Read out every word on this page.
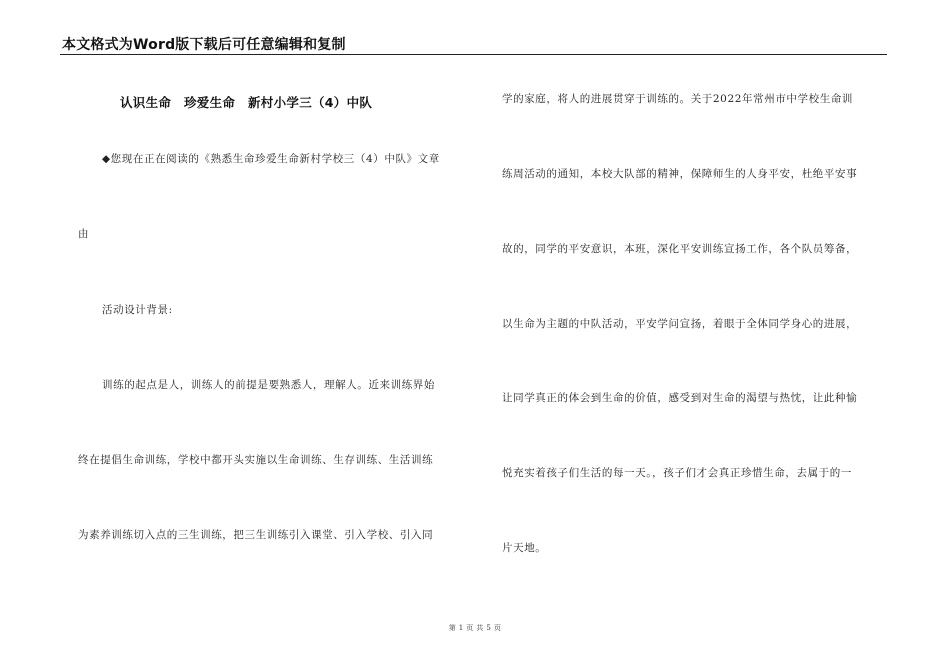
本文格式为Word版下载后可任意编辑和复制
认识生命　珍爱生命　新村小学三（4）中队
◆您现在正在阅读的《熟悉生命珍爱生命新村学校三（4）中队》文章
由
活动设计背景:
训练的起点是人，训练人的前提是要熟悉人，理解人。近来训练界始
终在提倡生命训练，学校中都开头实施以生命训练、生存训练、生活训练
为素养训练切入点的三生训练，把三生训练引入课堂、引入学校、引入同
学的家庭，将人的进展贯穿于训练的。关于2022年常州市中学校生命训
练周活动的通知，本校大队部的精神，保障师生的人身平安，杜绝平安事
故的，同学的平安意识，本班，深化平安训练宣扬工作，各个队员筹备，
以生命为主题的中队活动，平安学问宣扬，着眼于全体同学身心的进展，
让同学真正的体会到生命的价值，感受到对生命的渴望与热忱，让此种愉
悦充实着孩子们生活的每一天。，孩子们才会真正珍惜生命，去属于的一
片天地。
第 1 页 共 5 页
